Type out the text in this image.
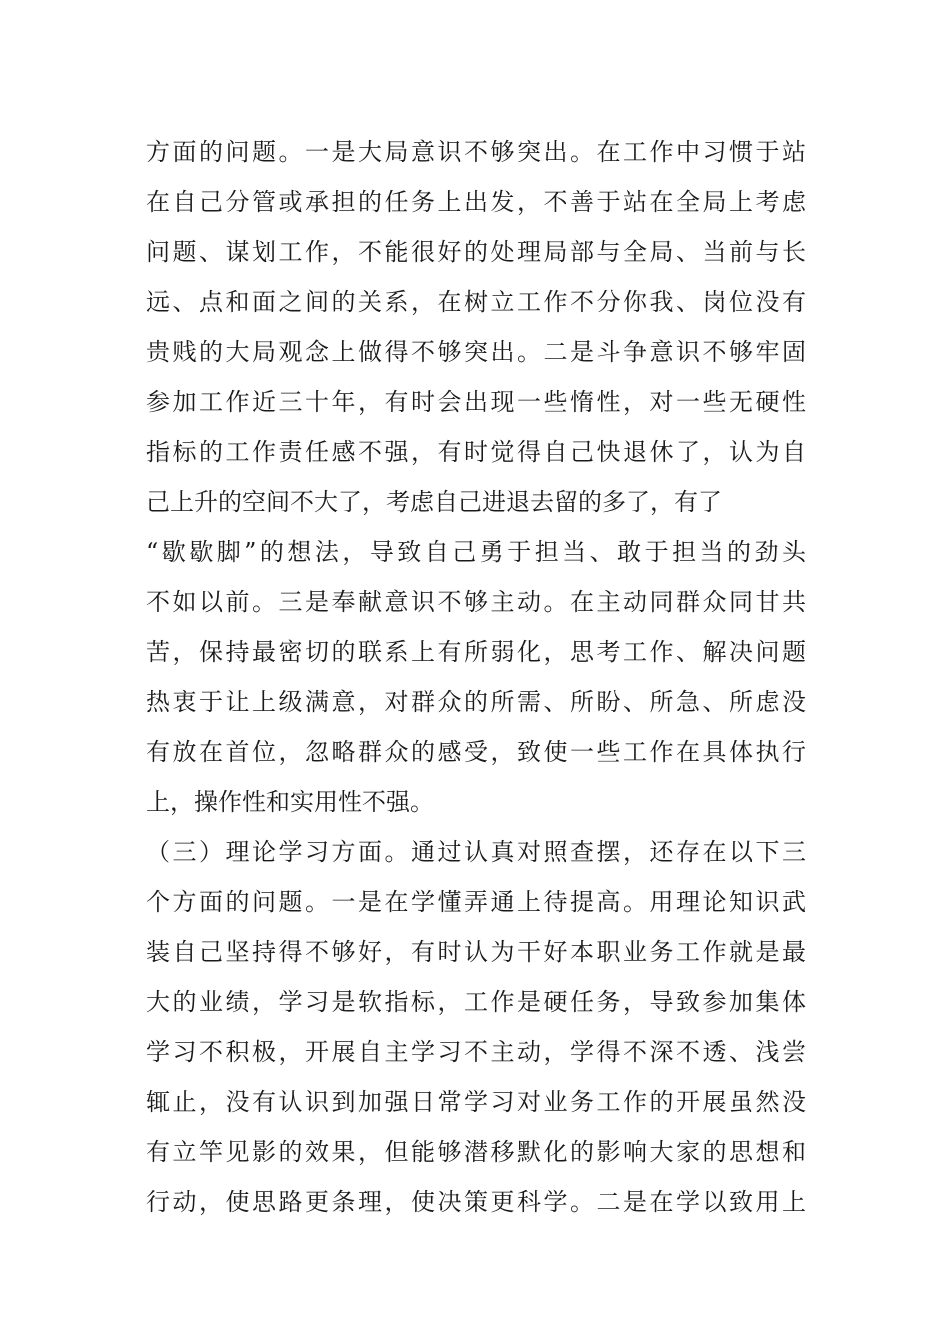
方面的问题。一是大局意识不够突出。在工作中习惯于站
在自己分管或承担的任务上出发，不善于站在全局上考虑
问题、谋划工作，不能很好的处理局部与全局、当前与长
远、点和面之间的关系，在树立工作不分你我、岗位没有
贵贱的大局观念上做得不够突出。二是斗争意识不够牢固
参加工作近三十年，有时会出现一些惰性，对一些无硬性
指标的工作责任感不强，有时觉得自己快退休了，认为自
己上升的空间不大了，考虑自己进退去留的多了，有了
“歇歇脚”的想法，导致自己勇于担当、敢于担当的劲头
不如以前。三是奉献意识不够主动。在主动同群众同甘共
苦，保持最密切的联系上有所弱化，思考工作、解决问题
热衷于让上级满意，对群众的所需、所盼、所急、所虑没
有放在首位，忽略群众的感受，致使一些工作在具体执行
上，操作性和实用性不强。
（三）理论学习方面。通过认真对照查摆，还存在以下三
个方面的问题。一是在学懂弄通上待提高。用理论知识武
装自己坚持得不够好，有时认为干好本职业务工作就是最
大的业绩，学习是软指标，工作是硬任务，导致参加集体
学习不积极，开展自主学习不主动，学得不深不透、浅尝
辄止，没有认识到加强日常学习对业务工作的开展虽然没
有立竿见影的效果，但能够潜移默化的影响大家的思想和
行动，使思路更条理，使决策更科学。二是在学以致用上
